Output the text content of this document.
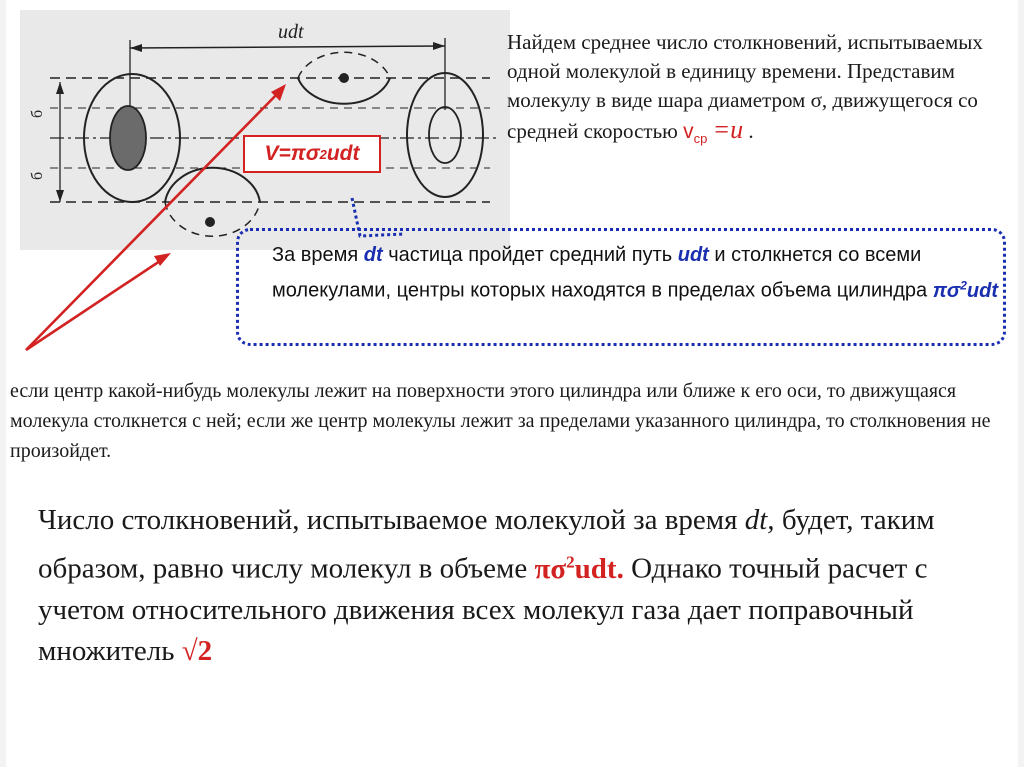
udt
б
б
V=πσ 2 udt
Найдем среднее число столкновений, испытываемых одной молекулой в единицу времени. Представим молекулу в виде шара диаметром σ, движущегося со средней скоростью $v_{ср} =u$ .
За время dt частица пройдет средний путь udt и столкнется со всеми молекулами, центры которых находятся в пределах объема цилиндра $\pi\sigma^2udt$
если центр какой-нибудь молекулы лежит на поверхности этого цилиндра или ближе к его оси, то движущаяся молекула столкнется с ней; если же центр молекулы лежит за пределами указанного цилиндра, то столкновения не произойдет.
Число столкновений, испытываемое молекулой за время dt, будет, таким образом, равно числу молекул в объеме $\pi\sigma^2udt$. Однако точный расчет с учетом относительного движения всех молекул газа дает поправочный множитель √2
